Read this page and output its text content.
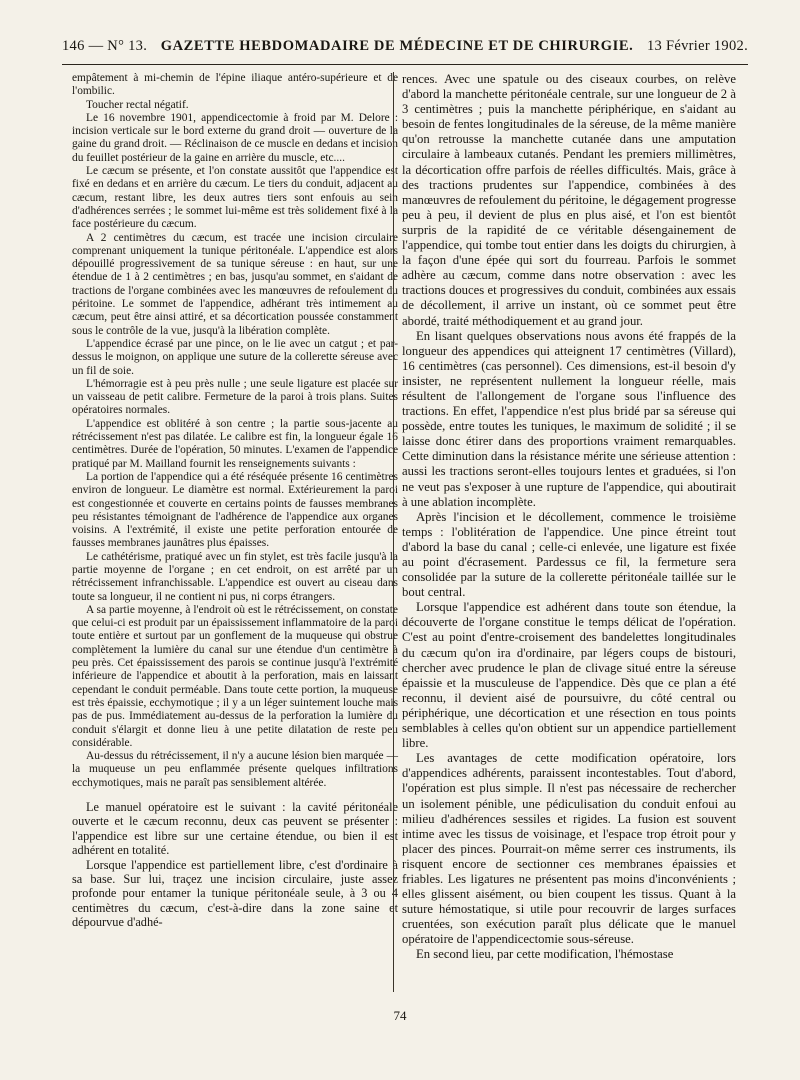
146 — N° 13. GAZETTE HEBDOMADAIRE DE MÉDECINE ET DE CHIRURGIE. 13 Février 1902.

empâtement à mi-chemin de l'épine iliaque antéro-supérieure et de l'ombilic.

Toucher rectal négatif.

Le 16 novembre 1901, appendicectomie à froid par M. Delore : incision verticale sur le bord externe du grand droit — ouverture de la gaine du grand droit. — Réclinaison de ce muscle en dedans et incision du feuillet postérieur de la gaine en arrière du muscle, etc....

Le cæcum se présente, et l'on constate aussitôt que l'appendice est fixé en dedans et en arrière du cæcum. Le tiers du conduit, adjacent au cæcum, restant libre, les deux autres tiers sont enfouis au sein d'adhérences serrées ; le sommet lui-même est très solidement fixé à la face postérieure du cæcum.

A 2 centimètres du cæcum, est tracée une incision circulaire comprenant uniquement la tunique péritonéale. L'appendice est alors dépouillé progressivement de sa tunique séreuse : en haut, sur une étendue de 1 à 2 centimètres ; en bas, jusqu'au sommet, en s'aidant de tractions de l'organe combinées avec les manœuvres de refoulement du péritoine. Le sommet de l'appendice, adhérant très intimement au cæcum, peut être ainsi attiré, et sa décortication poussée constamment sous le contrôle de la vue, jusqu'à la libération complète.

L'appendice écrasé par une pince, on le lie avec un catgut ; et par-dessus le moignon, on applique une suture de la collerette séreuse avec un fil de soie.

L'hémorragie est à peu près nulle ; une seule ligature est placée sur un vaisseau de petit calibre. Fermeture de la paroi à trois plans. Suites opératoires normales.

L'appendice est oblitéré à son centre ; la partie sous-jacente au rétrécissement n'est pas dilatée. Le calibre est fin, la longueur égale 16 centimètres. Durée de l'opération, 50 minutes. L'examen de l'appendice pratiqué par M. Mailland fournit les renseignements suivants :

La portion de l'appendice qui a été réséquée présente 16 centimètres environ de longueur. Le diamètre est normal. Extérieurement la paroi est congestionnée et couverte en certains points de fausses membranes peu résistantes témoignant de l'adhérence de l'appendice aux organes voisins. A l'extrémité, il existe une petite perforation entourée de fausses membranes jaunâtres plus épaisses.

Le cathétérisme, pratiqué avec un fin stylet, est très facile jusqu'à la partie moyenne de l'organe ; en cet endroit, on est arrêté par un rétrécissement infranchissable. L'appendice est ouvert au ciseau dans toute sa longueur, il ne contient ni pus, ni corps étrangers.

A sa partie moyenne, à l'endroit où est le rétrécissement, on constate que celui-ci est produit par un épaississement inflammatoire de la paroi toute entière et surtout par un gonflement de la muqueuse qui obstrue complètement la lumière du canal sur une étendue d'un centimètre à peu près. Cet épaississement des parois se continue jusqu'à l'extrémité inférieure de l'appendice et aboutit à la perforation, mais en laissant cependant le conduit perméable. Dans toute cette portion, la muqueuse est très épaissie, ecchymotique ; il y a un léger suintement louche mais pas de pus. Immédiatement au-dessus de la perforation la lumière du conduit s'élargit et donne lieu à une petite dilatation de reste peu considérable.

Au-dessus du rétrécissement, il n'y a aucune lésion bien marquée — la muqueuse un peu enflammée présente quelques infiltrations ecchymotiques, mais ne paraît pas sensiblement altérée.

Le manuel opératoire est le suivant : la cavité péritonéale ouverte et le cæcum reconnu, deux cas peuvent se présenter : l'appendice est libre sur une certaine étendue, ou bien il est adhérent en totalité.

Lorsque l'appendice est partiellement libre, c'est d'ordinaire à sa base. Sur lui, traçez une incision circulaire, juste assez profonde pour entamer la tunique péritonéale seule, à 3 ou 4 centimètres du cæcum, c'est-à-dire dans la zone saine et dépourvue d'adhé-

rences. Avec une spatule ou des ciseaux courbes, on relève d'abord la manchette péritonéale centrale, sur une longueur de 2 à 3 centimètres ; puis la manchette périphérique, en s'aidant au besoin de fentes longitudinales de la séreuse, de la même manière qu'on retrousse la manchette cutanée dans une amputation circulaire à lambeaux cutanés. Pendant les premiers millimètres, la décortication offre parfois de réelles difficultés. Mais, grâce à des tractions prudentes sur l'appendice, combinées à des manœuvres de refoulement du péritoine, le dégagement progresse peu à peu, il devient de plus en plus aisé, et l'on est bientôt surpris de la rapidité de ce véritable désengainement de l'appendice, qui tombe tout entier dans les doigts du chirurgien, à la façon d'une épée qui sort du fourreau. Parfois le sommet adhère au cæcum, comme dans notre observation : avec les tractions douces et progressives du conduit, combinées aux essais de décollement, il arrive un instant, où ce sommet peut être abordé, traité méthodiquement et au grand jour.

En lisant quelques observations nous avons été frappés de la longueur des appendices qui atteignent 17 centimètres (Villard), 16 centimètres (cas personnel). Ces dimensions, est-il besoin d'y insister, ne représentent nullement la longueur réelle, mais résultent de l'allongement de l'organe sous l'influence des tractions. En effet, l'appendice n'est plus bridé par sa séreuse qui possède, entre toutes les tuniques, le maximum de solidité ; il se laisse donc étirer dans des proportions vraiment remarquables. Cette diminution dans la résistance mérite une sérieuse attention : aussi les tractions seront-elles toujours lentes et graduées, si l'on ne veut pas s'exposer à une rupture de l'appendice, qui aboutirait à une ablation incomplète.

Après l'incision et le décollement, commence le troisième temps : l'oblitération de l'appendice. Une pince étreint tout d'abord la base du canal ; celle-ci enlevée, une ligature est fixée au point d'écrasement. Pardessus ce fil, la fermeture sera consolidée par la suture de la collerette péritonéale taillée sur le bout central.

Lorsque l'appendice est adhérent dans toute son étendue, la découverte de l'organe constitue le temps délicat de l'opération. C'est au point d'entre-croisement des bandelettes longitudinales du cæcum qu'on ira d'ordinaire, par légers coups de bistouri, chercher avec prudence le plan de clivage situé entre la séreuse épaissie et la musculeuse de l'appendice. Dès que ce plan a été reconnu, il devient aisé de poursuivre, du côté central ou périphérique, une décortication et une résection en tous points semblables à celles qu'on obtient sur un appendice partiellement libre.

Les avantages de cette modification opératoire, lors d'appendices adhérents, paraissent incontestables. Tout d'abord, l'opération est plus simple. Il n'est pas nécessaire de rechercher un isolement pénible, une pédiculisation du conduit enfoui au milieu d'adhérences sessiles et rigides. La fusion est souvent intime avec les tissus de voisinage, et l'espace trop étroit pour y placer des pinces. Pourrait-on même serrer ces instruments, ils risquent encore de sectionner ces membranes épaissies et friables. Les ligatures ne présentent pas moins d'inconvénients ; elles glissent aisément, ou bien coupent les tissus. Quant à la suture hémostatique, si utile pour recouvrir de larges surfaces cruentées, son exécution paraît plus délicate que le manuel opératoire de l'appendicectomie sous-séreuse.

En second lieu, par cette modification, l'hémostase

74
